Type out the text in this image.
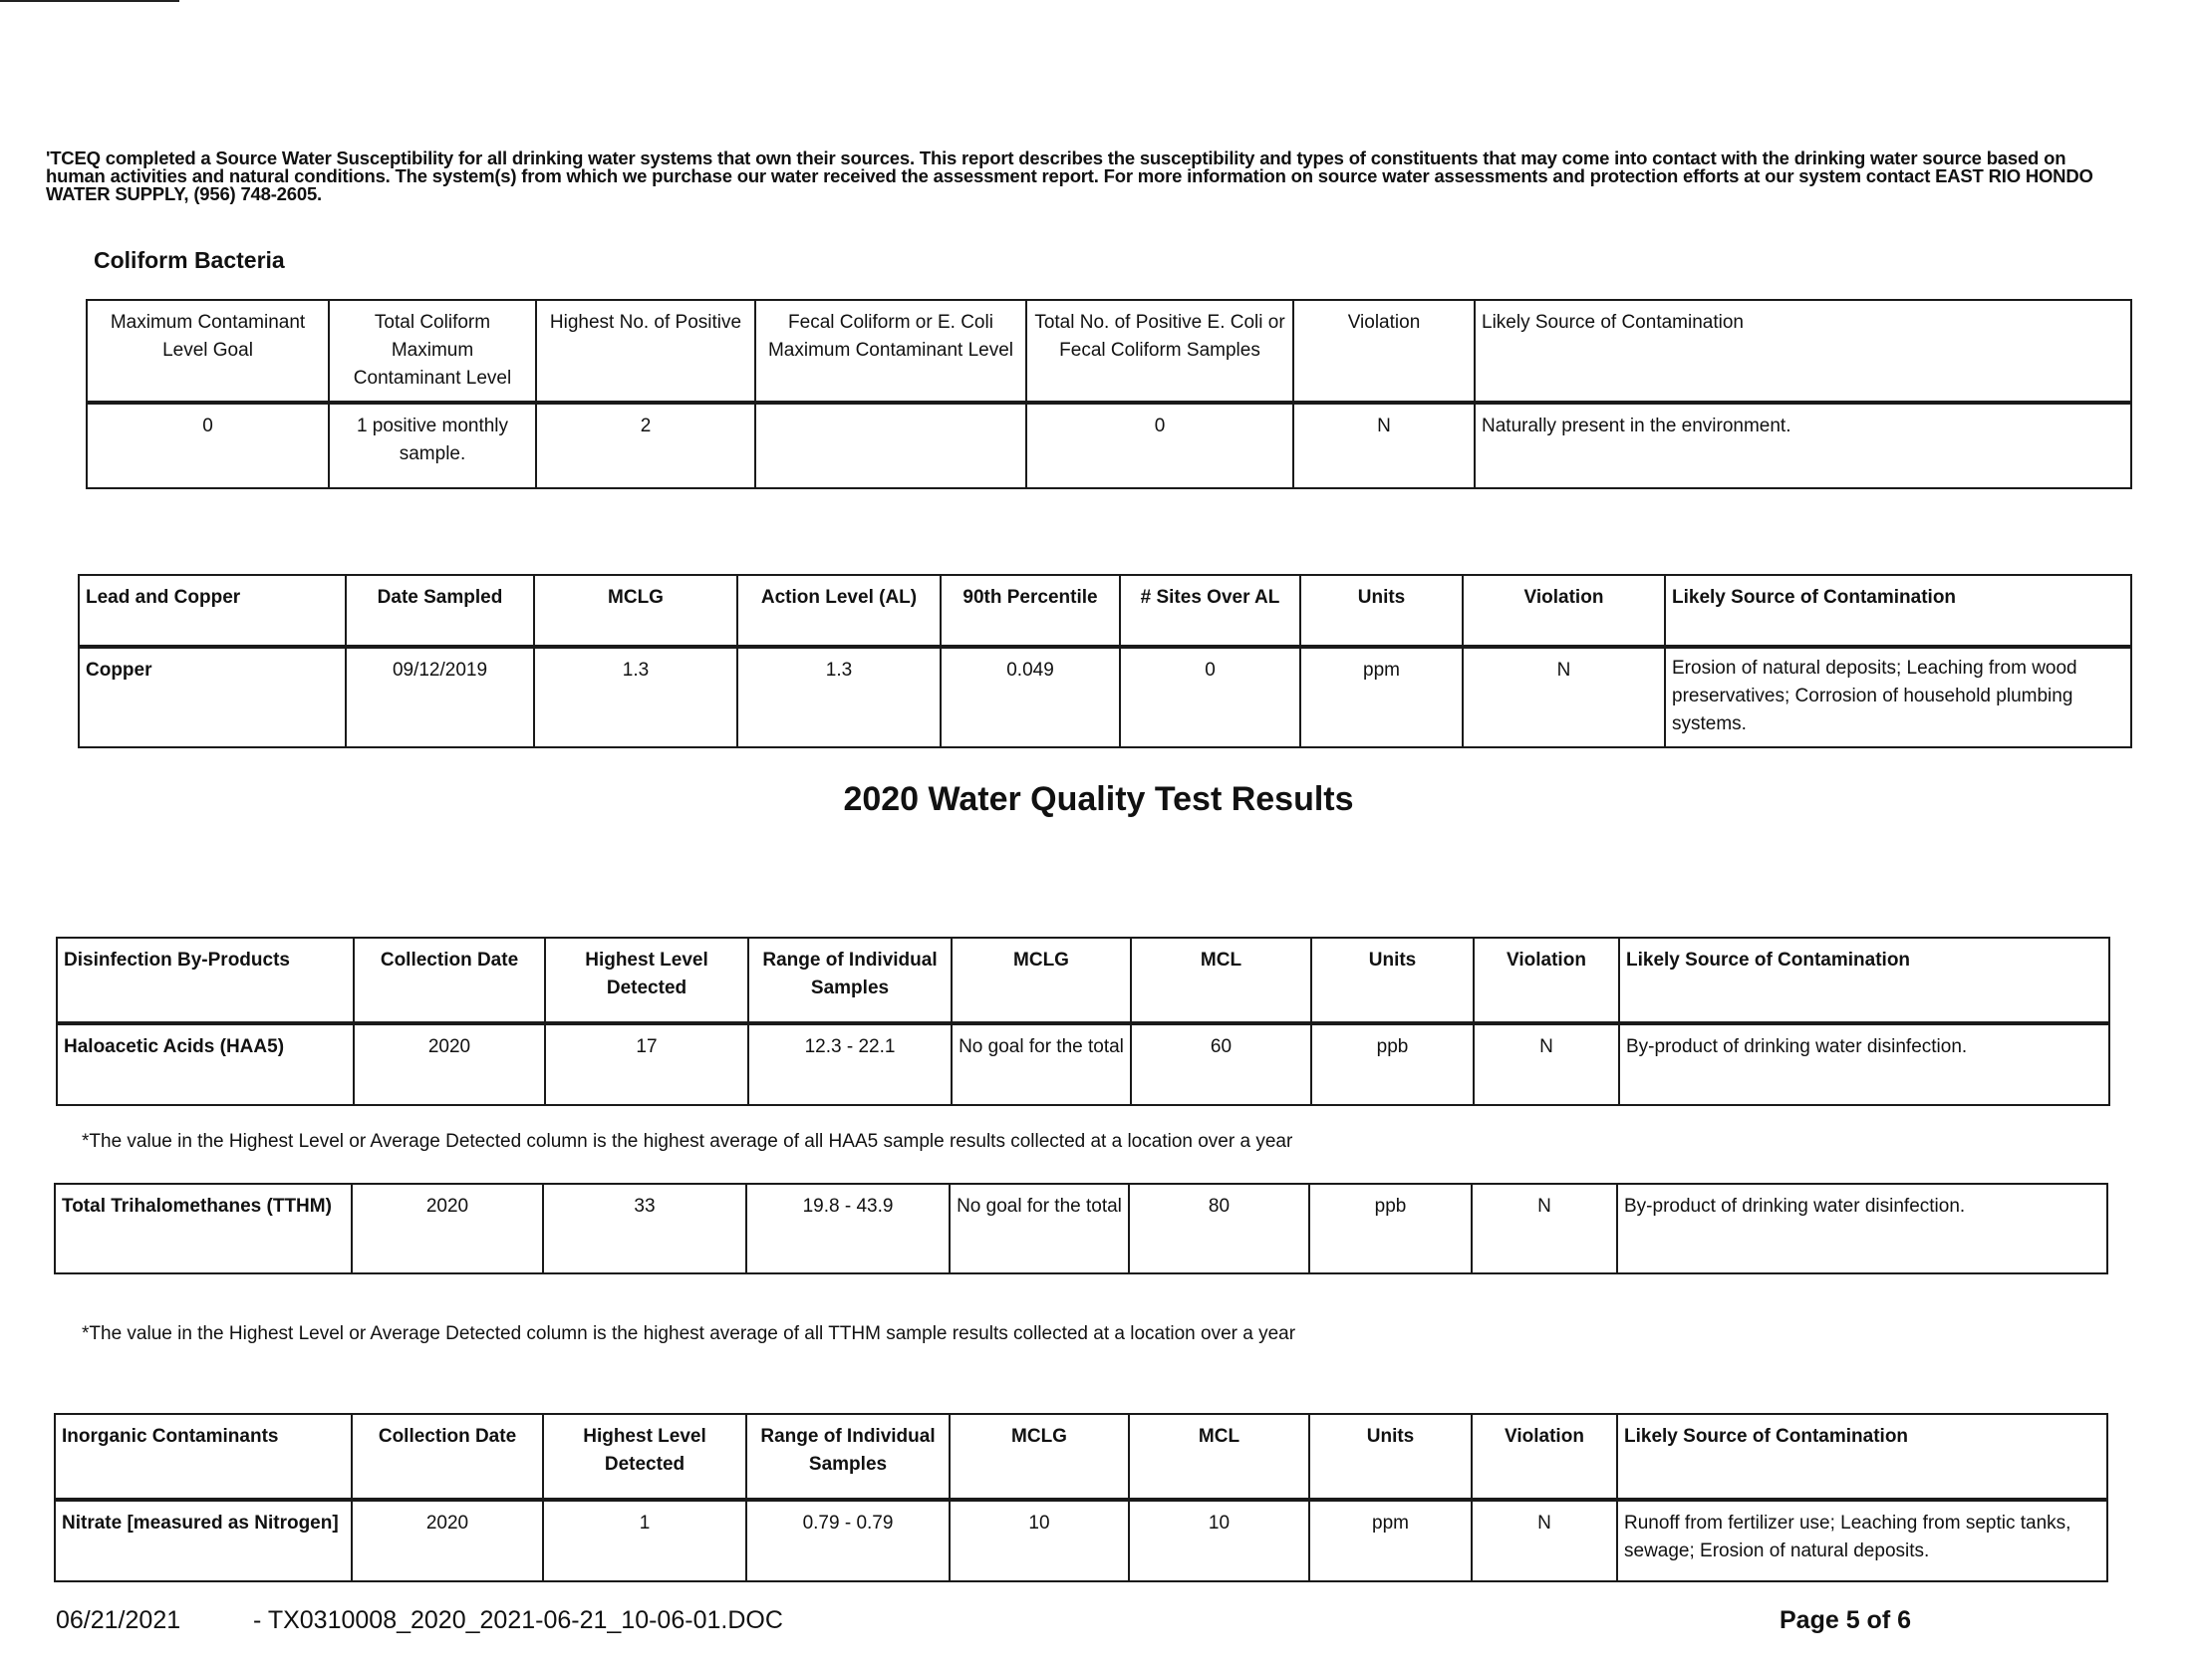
'TCEQ completed a Source Water Susceptibility for all drinking water systems that own their sources. This report describes the susceptibility and types of constituents that may come into contact with the drinking water source based on human activities and natural conditions. The system(s) from which we purchase our water received the assessment report. For more information on source water assessments and protection efforts at our system contact EAST RIO HONDO WATER SUPPLY, (956) 748-2605.
Coliform Bacteria
Maximum Contaminant Level Goal	Total Coliform Maximum Contaminant Level	Highest No. of Positive	Fecal Coliform or E. Coli Maximum Contaminant Level	Total No. of Positive E. Coli or Fecal Coliform Samples	Violation	Likely Source of Contamination
0	1 positive monthly sample.	2		0	N	Naturally present in the environment.
Lead and Copper	Date Sampled	MCLG	Action Level (AL)	90th Percentile	# Sites Over AL	Units	Violation	Likely Source of Contamination
Copper	09/12/2019	1.3	1.3	0.049	0	ppm	N	Erosion of natural deposits; Leaching from wood preservatives; Corrosion of household plumbing systems.
2020 Water Quality Test Results
Disinfection By-Products	Collection Date	Highest Level Detected	Range of Individual Samples	MCLG	MCL	Units	Violation	Likely Source of Contamination
Haloacetic Acids (HAA5)	2020	17	12.3 - 22.1	No goal for the total	60	ppb	N	By-product of drinking water disinfection.
*The value in the Highest Level or Average Detected column is the highest average of all HAA5 sample results collected at a location over a year
Total Trihalomethanes (TTHM)	2020	33	19.8 - 43.9	No goal for the total	80	ppb	N	By-product of drinking water disinfection.
*The value in the Highest Level or Average Detected column is the highest average of all TTHM sample results collected at a location over a year
Inorganic Contaminants	Collection Date	Highest Level Detected	Range of Individual Samples	MCLG	MCL	Units	Violation	Likely Source of Contamination
Nitrate [measured as Nitrogen]	2020	1	0.79 - 0.79	10	10	ppm	N	Runoff from fertilizer use; Leaching from septic tanks, sewage; Erosion of natural deposits.
06/21/2021	- TX0310008_2020_2021-06-21_10-06-01.DOC	Page 5 of 6
